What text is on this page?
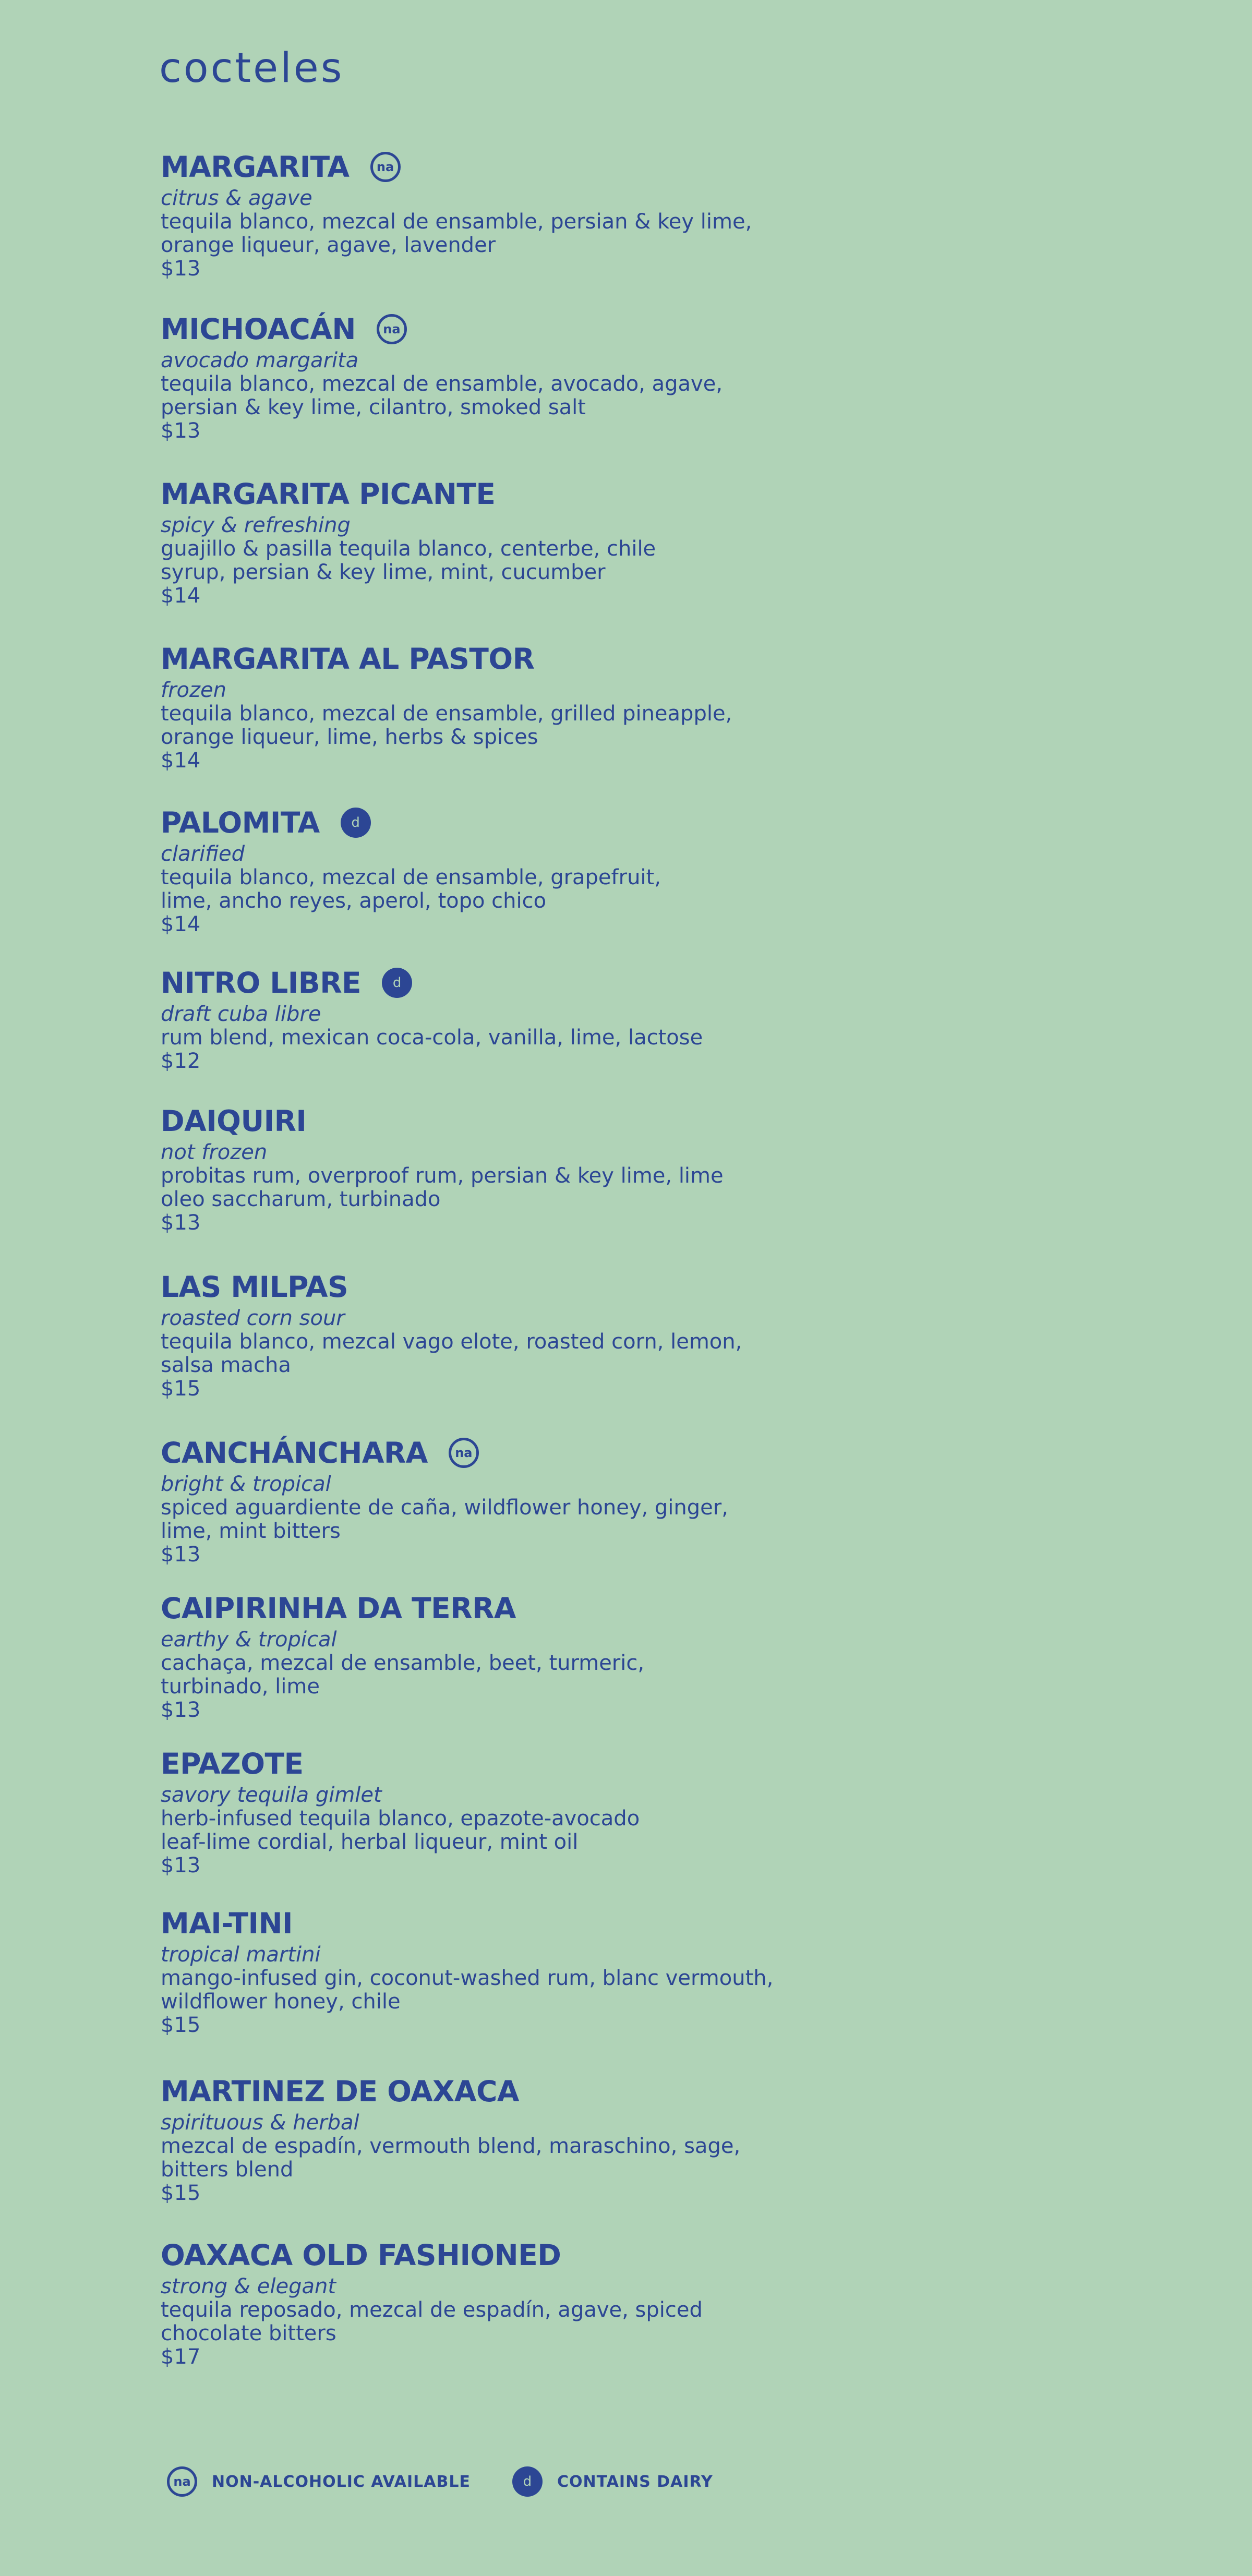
cocteles
MARGARITA	na
citrus & agave
tequila blanco, mezcal de ensamble, persian & key lime,
orange liqueur, agave, lavender
$13
MICHOACÁN	na
avocado margarita
tequila blanco, mezcal de ensamble, avocado, agave,
persian & key lime, cilantro, smoked salt
$13
MARGARITA PICANTE
spicy & refreshing
guajillo & pasilla tequila blanco, centerbe, chile
syrup, persian & key lime, mint, cucumber
$14
MARGARITA AL PASTOR
frozen
tequila blanco, mezcal de ensamble, grilled pineapple,
orange liqueur, lime, herbs & spices
$14
PALOMITA	d
clarified
tequila blanco, mezcal de ensamble, grapefruit,
lime, ancho reyes, aperol, topo chico
$14
NITRO LIBRE	d
draft cuba libre
rum blend, mexican coca-cola, vanilla, lime, lactose
$12
DAIQUIRI
not frozen
probitas rum, overproof rum, persian & key lime, lime
oleo saccharum, turbinado
$13
LAS MILPAS
roasted corn sour
tequila blanco, mezcal vago elote, roasted corn, lemon,
salsa macha
$15
CANCHÁNCHARA	na
bright & tropical
spiced aguardiente de caña, wildflower honey, ginger,
lime, mint bitters
$13
CAIPIRINHA DA TERRA
earthy & tropical
cachaça, mezcal de ensamble, beet, turmeric,
turbinado, lime
$13
EPAZOTE
savory tequila gimlet
herb-infused tequila blanco, epazote-avocado
leaf-lime cordial, herbal liqueur, mint oil
$13
MAI-TINI
tropical martini
mango-infused gin, coconut-washed rum, blanc vermouth,
wildflower honey, chile
$15
MARTINEZ DE OAXACA
spirituous & herbal
mezcal de espadín, vermouth blend, maraschino, sage,
bitters blend
$15
OAXACA OLD FASHIONED
strong & elegant
tequila reposado, mezcal de espadín, agave, spiced
chocolate bitters
$17
na	NON-ALCOHOLIC AVAILABLE	d	CONTAINS DAIRY
